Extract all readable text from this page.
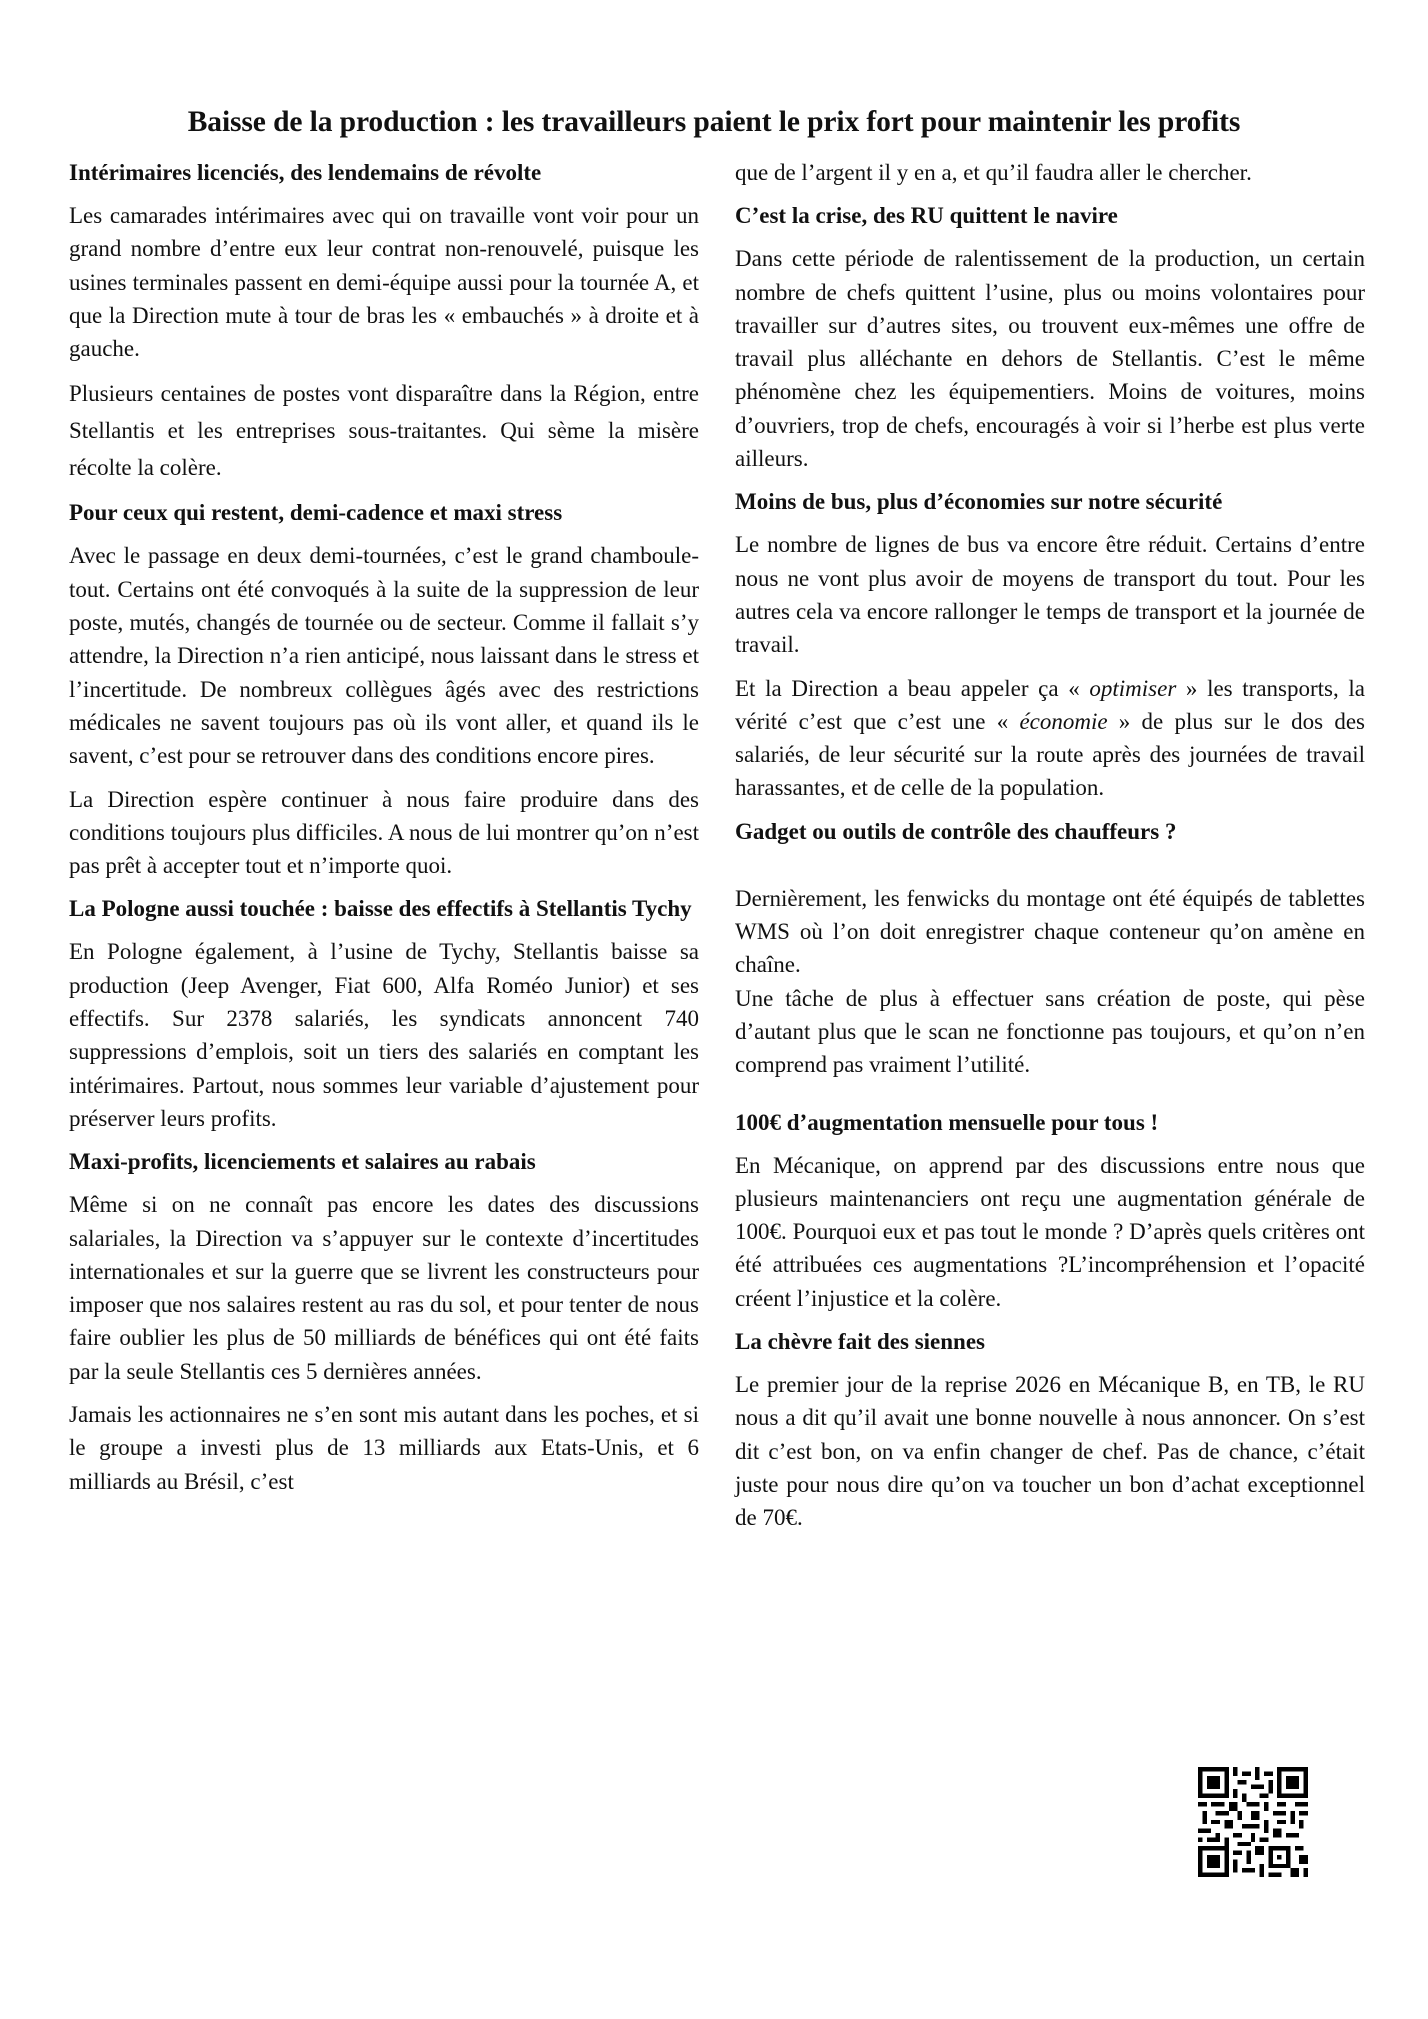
Baisse de la production : les travailleurs paient le prix fort pour maintenir les profits
Intérimaires licenciés, des lendemains de révolte

Les camarades intérimaires avec qui on travaille vont voir pour un grand nombre d’entre eux leur contrat non-renouvelé, puisque les usines terminales passent en demi-équipe aussi pour la tournée A, et que la Direction mute à tour de bras les « embauchés » à droite et à gauche.

Plusieurs centaines de postes vont disparaître dans la Région, entre Stellantis et les entreprises sous-traitantes. Qui sème la misère récolte la colère.

Pour ceux qui restent, demi-cadence et maxi stress

Avec le passage en deux demi-tournées, c’est le grand chamboule-tout. Certains ont été convoqués à la suite de la suppression de leur poste, mutés, changés de tournée ou de secteur. Comme il fallait s’y attendre, la Direction n’a rien anticipé, nous laissant dans le stress et l’incertitude. De nombreux collègues âgés avec des restrictions médicales ne savent toujours pas où ils vont aller, et quand ils le savent, c’est pour se retrouver dans des conditions encore pires.

La Direction espère continuer à nous faire produire dans des conditions toujours plus difficiles. A nous de lui montrer qu’on n’est pas prêt à accepter tout et n’importe quoi.

La Pologne aussi touchée : baisse des effectifs à Stellantis Tychy

En Pologne également, à l’usine de Tychy, Stellantis baisse sa production (Jeep Avenger, Fiat 600, Alfa Roméo Junior) et ses effectifs. Sur 2378 salariés, les syndicats annoncent 740 suppressions d’emplois, soit un tiers des salariés en comptant les intérimaires. Partout, nous sommes leur variable d’ajustement pour préserver leurs profits.

Maxi-profits, licenciements et salaires au rabais

Même si on ne connaît pas encore les dates des discussions salariales, la Direction va s’appuyer sur le contexte d’incertitudes internationales et sur la guerre que se livrent les constructeurs pour imposer que nos salaires restent au ras du sol, et pour tenter de nous faire oublier les plus de 50 milliards de bénéfices qui ont été faits par la seule Stellantis ces 5 dernières années.

Jamais les actionnaires ne s’en sont mis autant dans les poches, et si le groupe a investi plus de 13 milliards aux Etats-Unis, et 6 milliards au Brésil, c’est

que de l’argent il y en a, et qu’il faudra aller le chercher.

C’est la crise, des RU quittent le navire

Dans cette période de ralentissement de la production, un certain nombre de chefs quittent l’usine, plus ou moins volontaires pour travailler sur d’autres sites, ou trouvent eux-mêmes une offre de travail plus alléchante en dehors de Stellantis. C’est le même phénomène chez les équipementiers. Moins de voitures, moins d’ouvriers, trop de chefs, encouragés à voir si l’herbe est plus verte ailleurs.

Moins de bus, plus d’économies sur notre sécurité

Le nombre de lignes de bus va encore être réduit. Certains d’entre nous ne vont plus avoir de moyens de transport du tout. Pour les autres cela va encore rallonger le temps de transport et la journée de travail.

Et la Direction a beau appeler ça « optimiser » les transports, la vérité c’est que c’est une « économie » de plus sur le dos des salariés, de leur sécurité sur la route après des journées de travail harassantes, et de celle de la population.

Gadget ou outils de contrôle des chauffeurs ?

Dernièrement, les fenwicks du montage ont été équipés de tablettes WMS où l’on doit enregistrer chaque conteneur qu’on amène en chaîne.

Une tâche de plus à effectuer sans création de poste, qui pèse d’autant plus que le scan ne fonctionne pas toujours, et qu’on n’en comprend pas vraiment l’utilité.

100€ d’augmentation mensuelle pour tous !

En Mécanique, on apprend par des discussions entre nous que plusieurs maintenanciers ont reçu une augmentation générale de 100€. Pourquoi eux et pas tout le monde ? D’après quels critères ont été attribuées ces augmentations ?L’incompréhension et l’opacité créent l’injustice et la colère.

La chèvre fait des siennes

Le premier jour de la reprise 2026 en Mécanique B, en TB, le RU nous a dit qu’il avait une bonne nouvelle à nous annoncer. On s’est dit c’est bon, on va enfin changer de chef. Pas de chance, c’était juste pour nous dire qu’on va toucher un bon d’achat exceptionnel de 70€.
